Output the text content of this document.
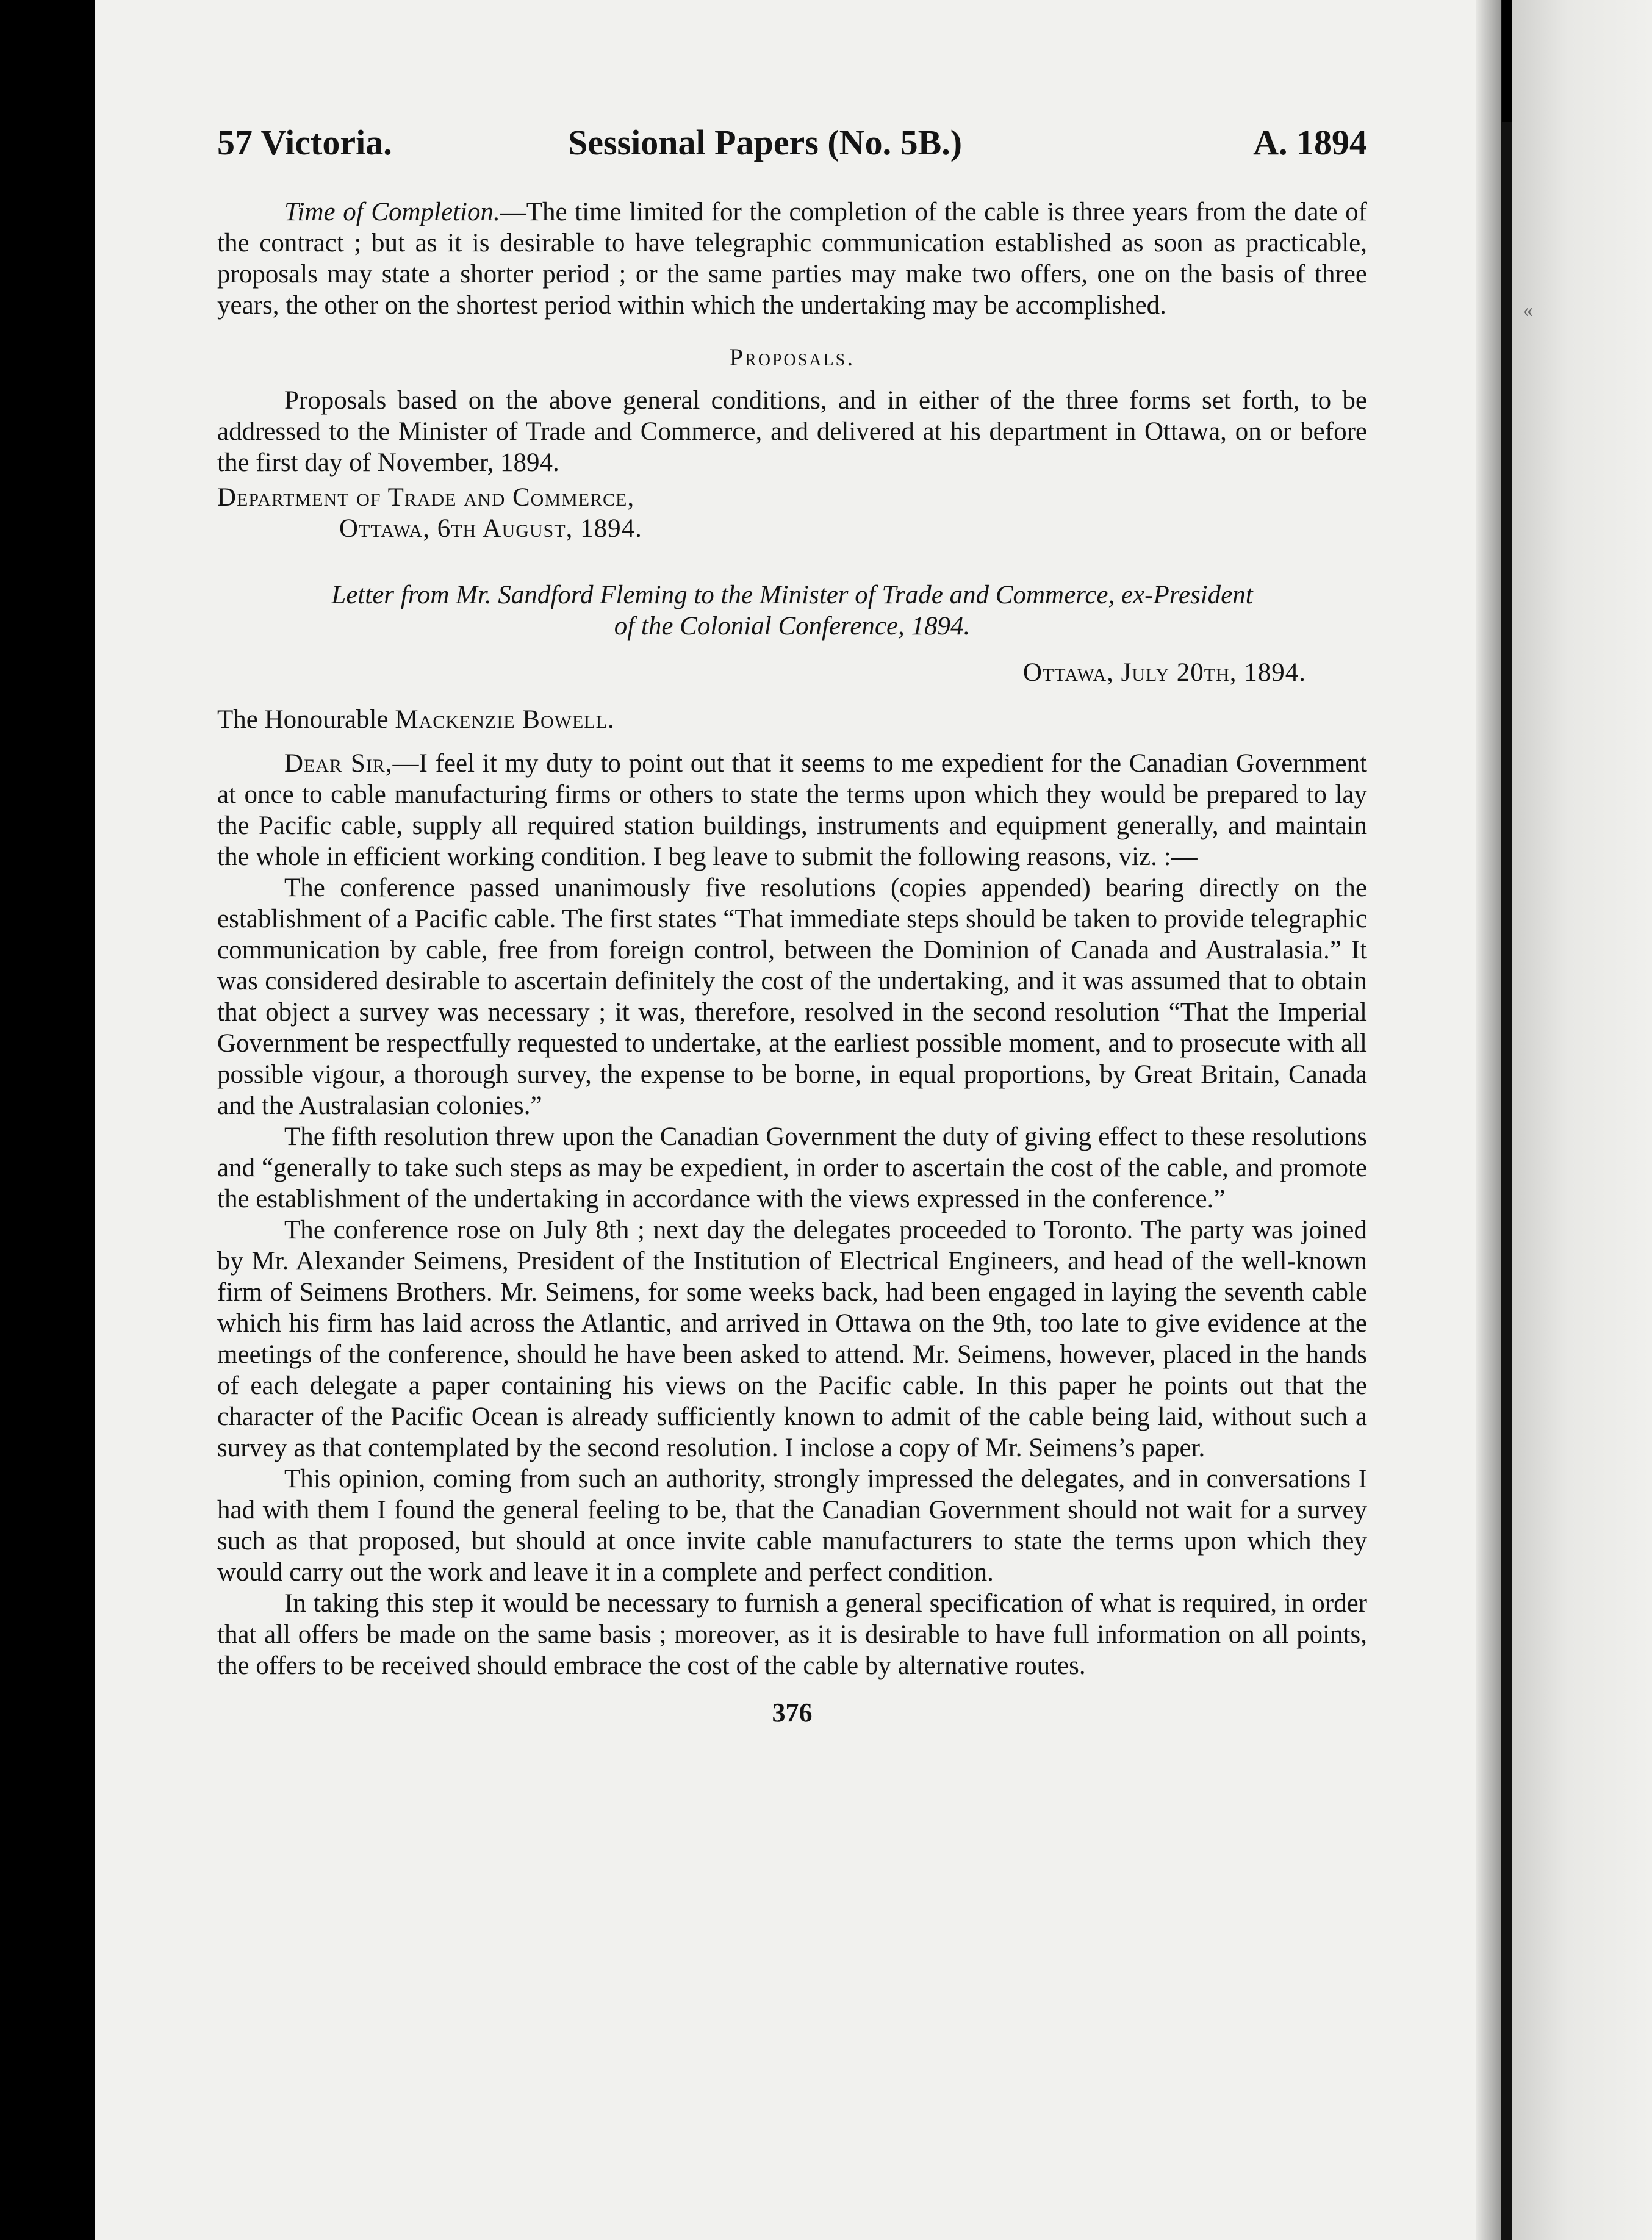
«
57 Victoria.	Sessional Papers (No. 5B.)	A. 1894

Time of Completion.—The time limited for the completion of the cable is three years from the date of the contract ; but as it is desirable to have telegraphic communication established as soon as practicable, proposals may state a shorter period ; or the same parties may make two offers, one on the basis of three years, the other on the shortest period within which the undertaking may be accomplished.

Proposals.

Proposals based on the above general conditions, and in either of the three forms set forth, to be addressed to the Minister of Trade and Commerce, and delivered at his department in Ottawa, on or before the first day of November, 1894.

Department of Trade and Commerce,
Ottawa, 6th August, 1894.
Letter from Mr. Sandford Fleming to the Minister of Trade and Commerce, ex-President
of the Colonial Conference, 1894.
Ottawa, July 20th, 1894.
The Honourable Mackenzie Bowell.

Dear Sir,—I feel it my duty to point out that it seems to me expedient for the Canadian Government at once to cable manufacturing firms or others to state the terms upon which they would be prepared to lay the Pacific cable, supply all required station buildings, instruments and equipment generally, and maintain the whole in efficient working condition. I beg leave to submit the following reasons, viz. :—

The conference passed unanimously five resolutions (copies appended) bearing directly on the establishment of a Pacific cable. The first states “That immediate steps should be taken to provide telegraphic communication by cable, free from foreign control, between the Dominion of Canada and Australasia.” It was considered desirable to ascertain definitely the cost of the undertaking, and it was assumed that to obtain that object a survey was necessary ; it was, therefore, resolved in the second resolution “That the Imperial Government be respectfully requested to undertake, at the earliest possible moment, and to prosecute with all possible vigour, a thorough survey, the expense to be borne, in equal proportions, by Great Britain, Canada and the Australasian colonies.”

The fifth resolution threw upon the Canadian Government the duty of giving effect to these resolutions and “generally to take such steps as may be expedient, in order to ascertain the cost of the cable, and promote the establishment of the undertaking in accordance with the views expressed in the conference.”

The conference rose on July 8th ; next day the delegates proceeded to Toronto. The party was joined by Mr. Alexander Seimens, President of the Institution of Electrical Engineers, and head of the well-known firm of Seimens Brothers. Mr. Seimens, for some weeks back, had been engaged in laying the seventh cable which his firm has laid across the Atlantic, and arrived in Ottawa on the 9th, too late to give evidence at the meetings of the conference, should he have been asked to attend. Mr. Seimens, however, placed in the hands of each delegate a paper containing his views on the Pacific cable. In this paper he points out that the character of the Pacific Ocean is already sufficiently known to admit of the cable being laid, without such a survey as that contemplated by the second resolution. I inclose a copy of Mr. Seimens’s paper.

This opinion, coming from such an authority, strongly impressed the delegates, and in conversations I had with them I found the general feeling to be, that the Canadian Government should not wait for a survey such as that proposed, but should at once invite cable manufacturers to state the terms upon which they would carry out the work and leave it in a complete and perfect condition.

In taking this step it would be necessary to furnish a general specification of what is required, in order that all offers be made on the same basis ; moreover, as it is desirable to have full information on all points, the offers to be received should embrace the cost of the cable by alternative routes.

376
